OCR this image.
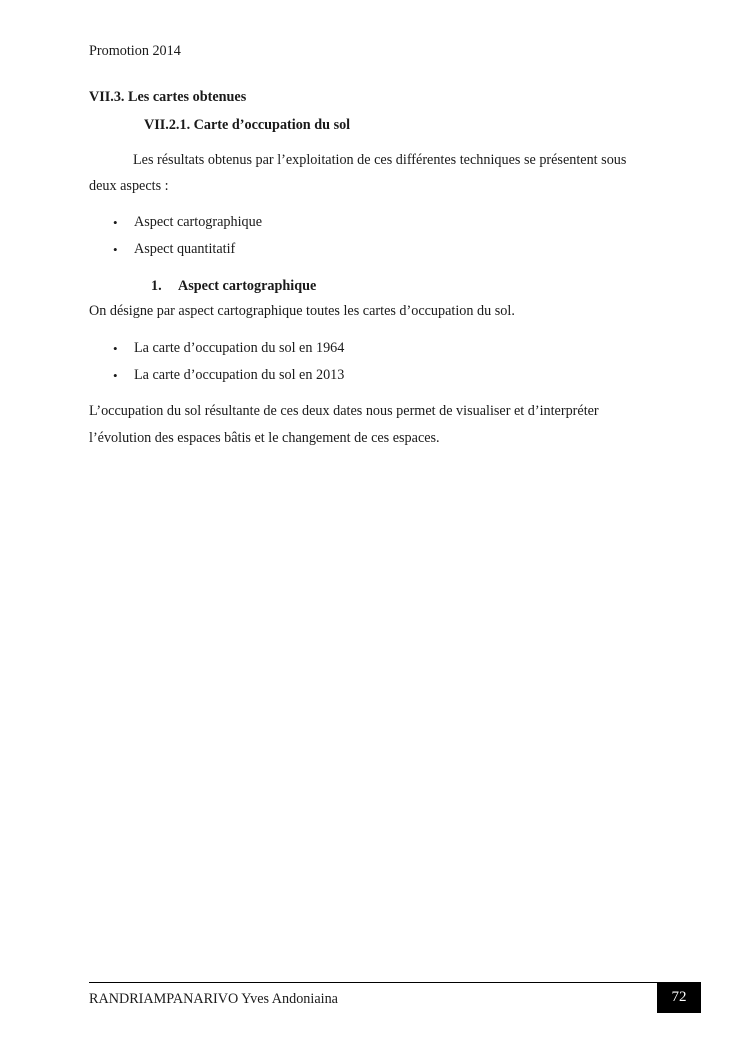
Promotion 2014
VII.3. Les cartes obtenues
VII.2.1. Carte d’occupation du sol
Les résultats obtenus par l’exploitation de ces différentes techniques se présentent sous
deux aspects :
• Aspect cartographique
• Aspect quantitatif
1. Aspect cartographique
On désigne par aspect cartographique toutes les cartes d’occupation du sol.
• La carte d’occupation du sol en 1964
• La carte d’occupation du sol en 2013
L’occupation du sol résultante de ces deux dates nous permet de visualiser et d’interpréter
l’évolution des espaces bâtis et le changement de ces espaces.
RANDRIAMPANARIVO Yves Andoniaina	72
